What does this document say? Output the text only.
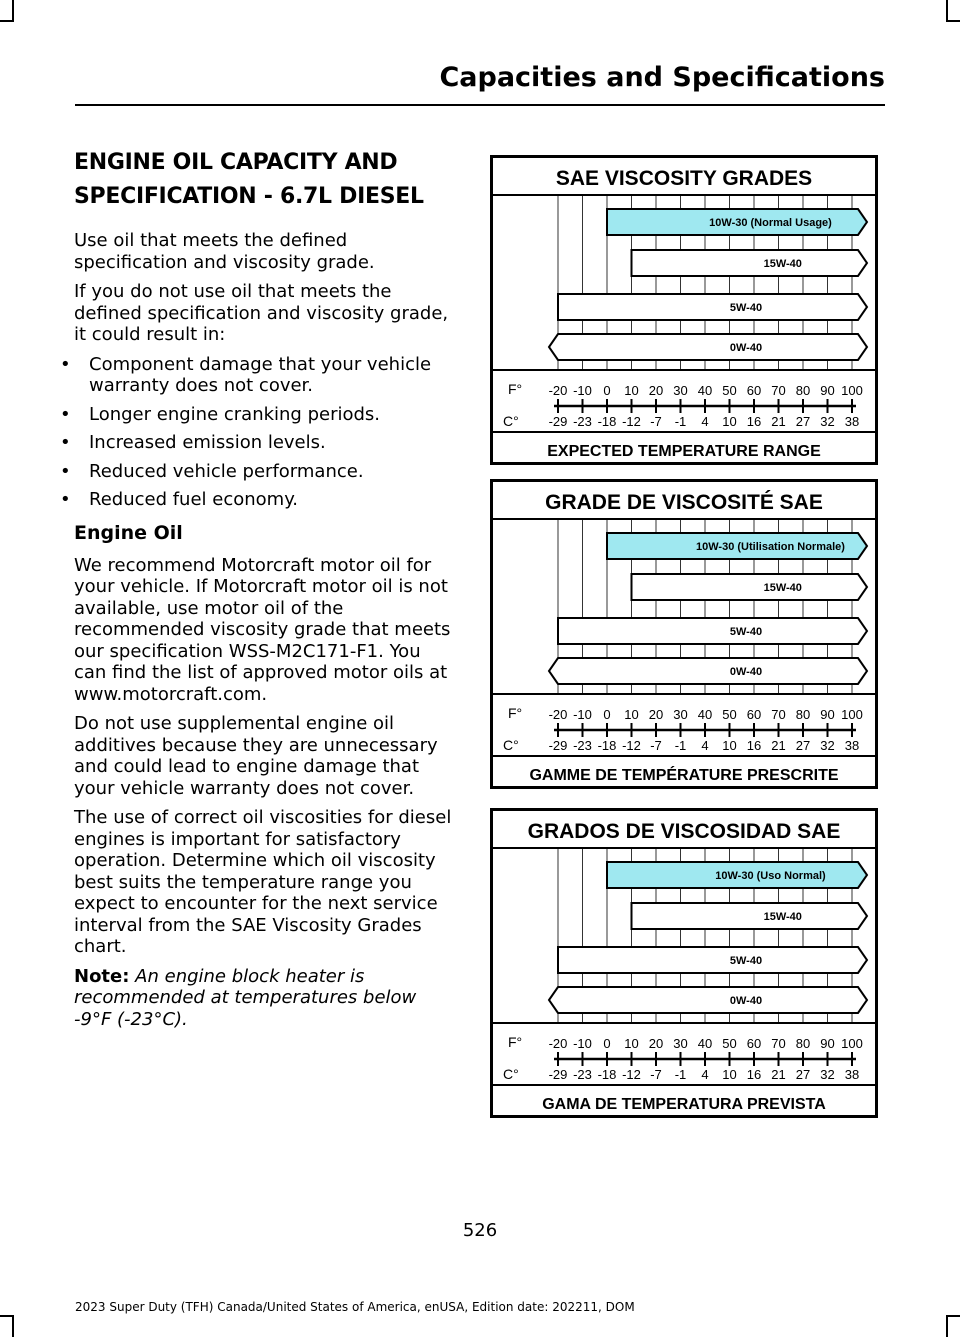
Capacities and Specifications
ENGINE OIL CAPACITY AND
SPECIFICATION - 6.7L DIESEL

Use oil that meets the defined specification and viscosity grade.

If you do not use oil that meets the defined specification and viscosity grade, it could result in:

• Component damage that your vehicle warranty does not cover.
• Longer engine cranking periods.
• Increased emission levels.
• Reduced vehicle performance.
• Reduced fuel economy.
Engine Oil

We recommend Motorcraft motor oil for your vehicle. If Motorcraft motor oil is not available, use motor oil of the recommended viscosity grade that meets our specification WSS-M2C171-F1. You can find the list of approved motor oils at www.motorcraft.com.

Do not use supplemental engine oil additives because they are unnecessary and could lead to engine damage that your vehicle warranty does not cover.

The use of correct oil viscosities for diesel engines is important for satisfactory operation. Determine which oil viscosity best suits the temperature range you expect to encounter for the next service interval from the SAE Viscosity Grades chart.

Note: An engine block heater is recommended at temperatures below -9°F (-23°C).

SAE VISCOSITY GRADES
10W-30 (Normal Usage)
15W-40
5W-40
0W-40
F°
C°
-20
-29
-10
-23
0
-18
10
-12
20
-7
30
-1
40
4
50
10
60
16
70
21
80
27
90
32
100
38
EXPECTED TEMPERATURE RANGE
GRADE DE VISCOSITÉ SAE
10W-30 (Utilisation Normale)
15W-40
5W-40
0W-40
F°
C°
-20
-29
-10
-23
0
-18
10
-12
20
-7
30
-1
40
4
50
10
60
16
70
21
80
27
90
32
100
38
GAMME DE TEMPÉRATURE PRESCRITE
GRADOS DE VISCOSIDAD SAE
10W-30 (Uso Normal)
15W-40
5W-40
0W-40
F°
C°
-20
-29
-10
-23
0
-18
10
-12
20
-7
30
-1
40
4
50
10
60
16
70
21
80
27
90
32
100
38
GAMA DE TEMPERATURA PREVISTA
526
2023 Super Duty (TFH) Canada/United States of America, enUSA, Edition date: 202211, DOM
